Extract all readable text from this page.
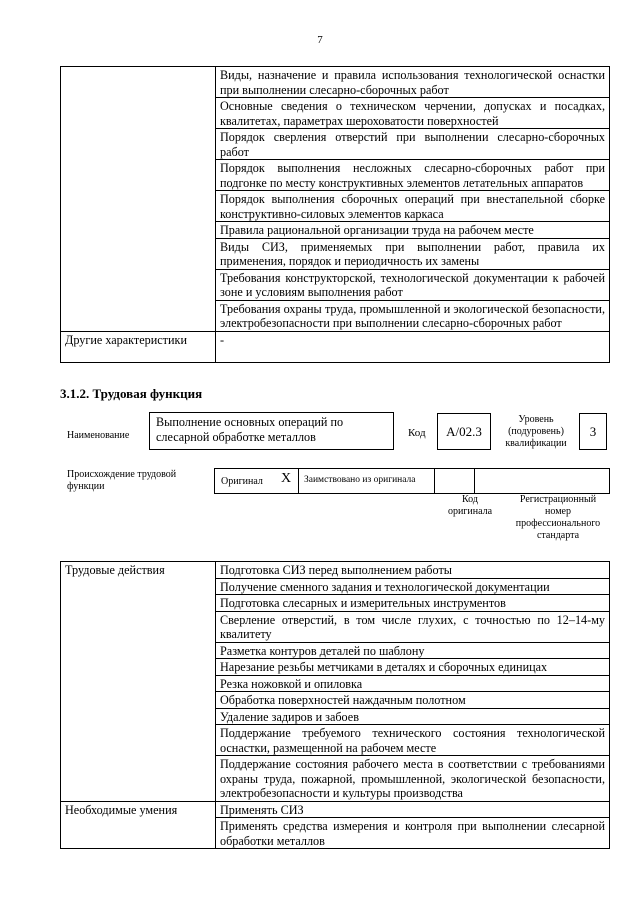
7
	Виды, назначение и правила использования технологической оснастки при выполнении слесарно-сборочных работ
	Основные сведения о техническом черчении, допусках и посадках, квалитетах, параметрах шероховатости поверхностей
	Порядок сверления отверстий при выполнении слесарно-сборочных работ
	Порядок выполнения несложных слесарно-сборочных работ при подгонке по месту конструктивных элементов летательных аппаратов
	Порядок выполнения сборочных операций при внестапельной сборке конструктивно-силовых элементов каркаса
	Правила рациональной организации труда на рабочем месте
	Виды СИЗ, применяемых при выполнении работ, правила их применения, порядок и периодичность их замены
	Требования конструкторской, технологической документации к рабочей зоне и условиям выполнения работ
	Требования охраны труда, промышленной и экологической безопасности, электробезопасности при выполнении слесарно-сборочных работ
Другие характеристики	-
3.1.2. Трудовая функция
Наименование
Выполнение основных операций по слесарной обработке металлов	Код	А/02.3
Уровень (подуровень) квалификации
3
Происхождение трудовой функции	Оригинал Х Заимствовано из оригинала
Код оригинала
Регистрационный номер профессионального стандарта
Трудовые действия	Подготовка СИЗ перед выполнением работы
	Получение сменного задания и технологической документации
	Подготовка слесарных и измерительных инструментов
	Сверление отверстий, в том числе глухих, с точностью по 12–14-му квалитету
	Разметка контуров деталей по шаблону
	Нарезание резьбы метчиками в деталях и сборочных единицах
	Резка ножовкой и опиловка
	Обработка поверхностей наждачным полотном
	Удаление задиров и забоев
	Поддержание требуемого технического состояния технологической оснастки, размещенной на рабочем месте
	Поддержание состояния рабочего места в соответствии с требованиями охраны труда, пожарной, промышленной, экологической безопасности, электробезопасности и культуры производства
Необходимые умения	Применять СИЗ
	Применять средства измерения и контроля при выполнении слесарной обработки металлов
